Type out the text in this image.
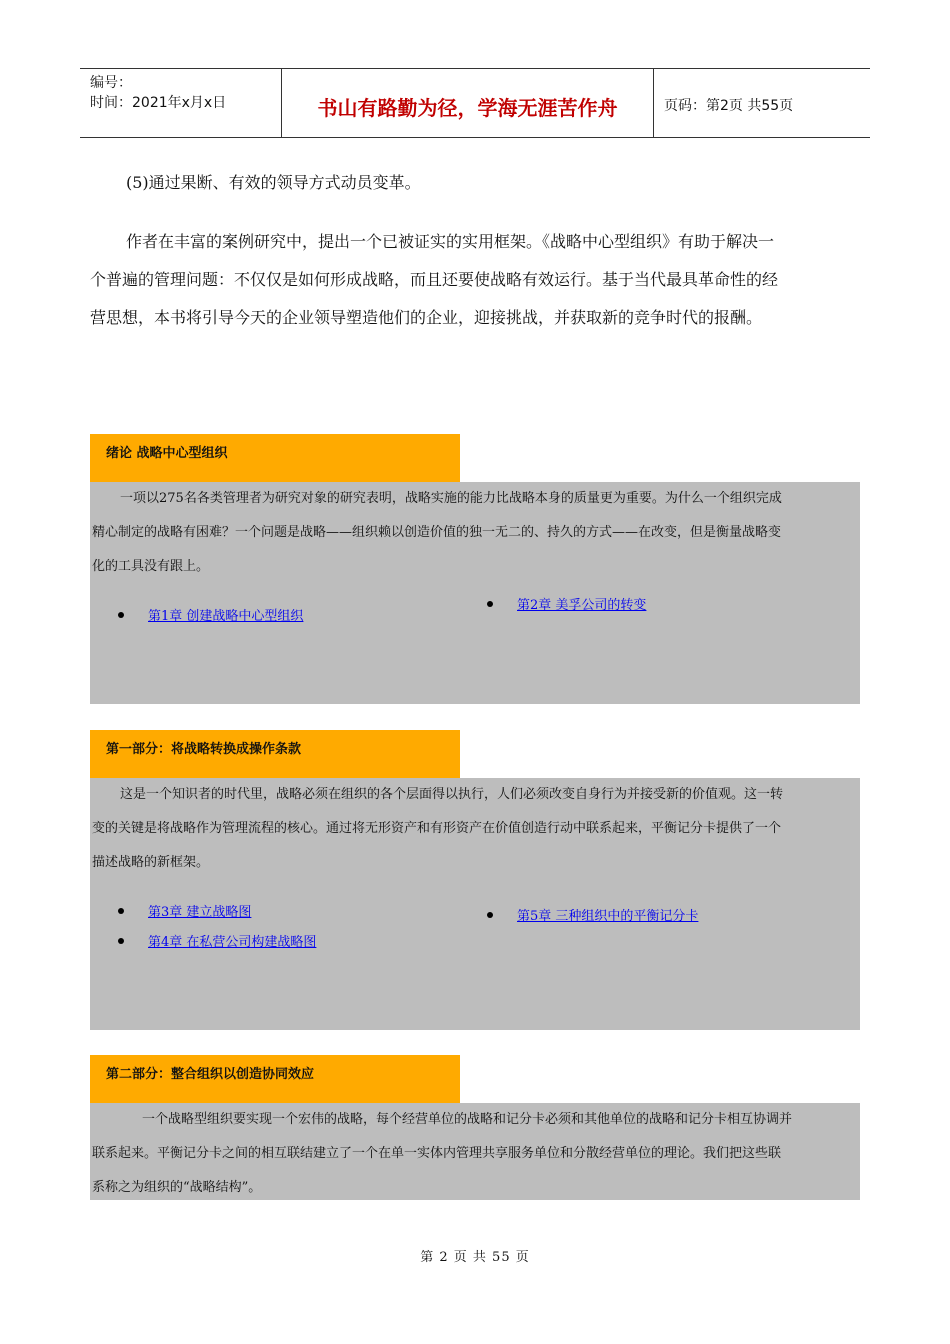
编号：
时间：2021年x月x日	书山有路勤为径，学海无涯苦作舟	页码：第2页 共55页
(5)通过果断、有效的领导方式动员变革。
作者在丰富的案例研究中，提出一个已被证实的实用框架。《战略中心型组织》有助于解决一
个普遍的管理问题：不仅仅是如何形成战略，而且还要使战略有效运行。基于当代最具革命性的经
营思想，本书将引导今天的企业领导塑造他们的企业，迎接挑战，并获取新的竞争时代的报酬。
绪论 战略中心型组织
一项以275名各类管理者为研究对象的研究表明，战略实施的能力比战略本身的质量更为重要。为什么一个组织完成
精心制定的战略有困难？一个问题是战略——组织赖以创造价值的独一无二的、持久的方式——在改变，但是衡量战略变
化的工具没有跟上。
第1章 创建战略中心型组织
第2章 美孚公司的转变
第一部分：将战略转换成操作条款
这是一个知识者的时代里，战略必须在组织的各个层面得以执行，人们必须改变自身行为并接受新的价值观。这一转
变的关键是将战略作为管理流程的核心。通过将无形资产和有形资产在价值创造行动中联系起来，平衡记分卡提供了一个
描述战略的新框架。
第3章 建立战略图
第4章 在私营公司构建战略图
第5章 三种组织中的平衡记分卡
第二部分：整合组织以创造协同效应
一个战略型组织要实现一个宏伟的战略，每个经营单位的战略和记分卡必须和其他单位的战略和记分卡相互协调并
联系起来。平衡记分卡之间的相互联结建立了一个在单一实体内管理共享服务单位和分散经营单位的理论。我们把这些联
系称之为组织的“战略结构”。
第 2 页 共 55 页
